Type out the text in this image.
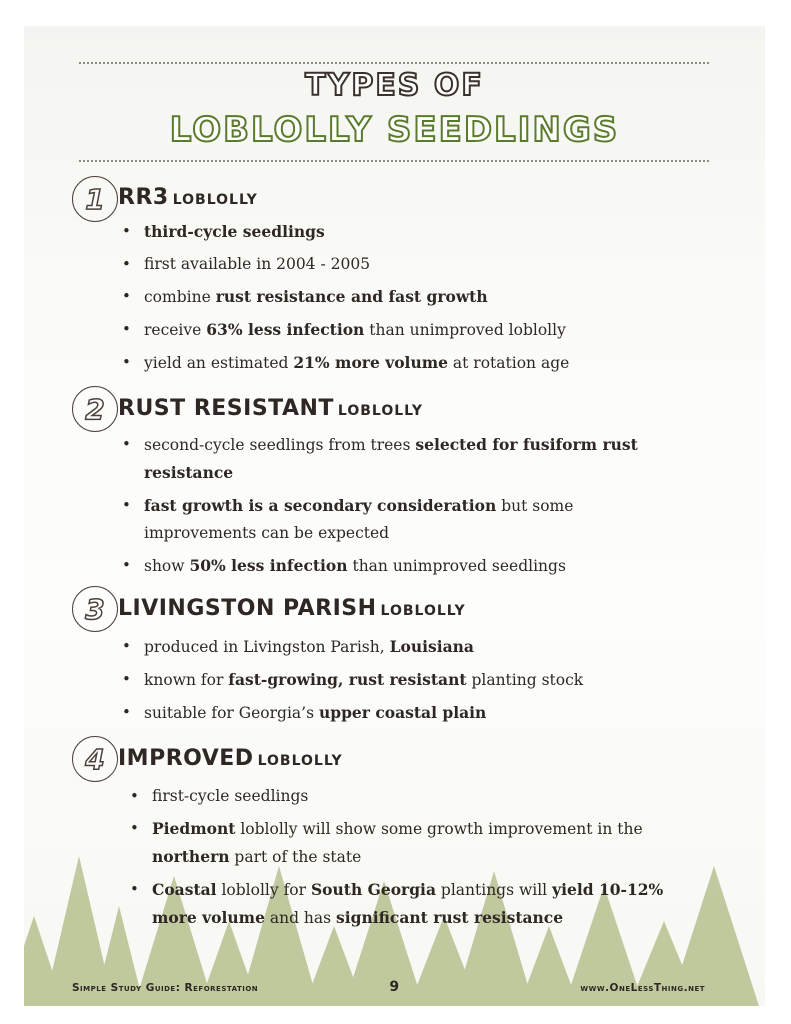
TYPES OF
LOBLOLLY SEEDLINGS
1 RR3 LOBLOLLY
• third-cycle seedlings
• first available in 2004 - 2005
• combine rust resistance and fast growth
• receive 63% less infection than unimproved loblolly
• yield an estimated 21% more volume at rotation age
2 RUST RESISTANT LOBLOLLY
• second-cycle seedlings from trees selected for fusiform rust resistance
• fast growth is a secondary consideration but some improvements can be expected
• show 50% less infection than unimproved seedlings
3 LIVINGSTON PARISH LOBLOLLY
• produced in Livingston Parish, Louisiana
• known for fast-growing, rust resistant planting stock
• suitable for Georgia’s upper coastal plain
4 IMPROVED LOBLOLLY
• first-cycle seedlings
• Piedmont loblolly will show some growth improvement in the northern part of the state
• Coastal loblolly for South Georgia plantings will yield 10-12% more volume and has significant rust resistance
Simple Study Guide: Reforestation	9	www.OneLessThing.net
